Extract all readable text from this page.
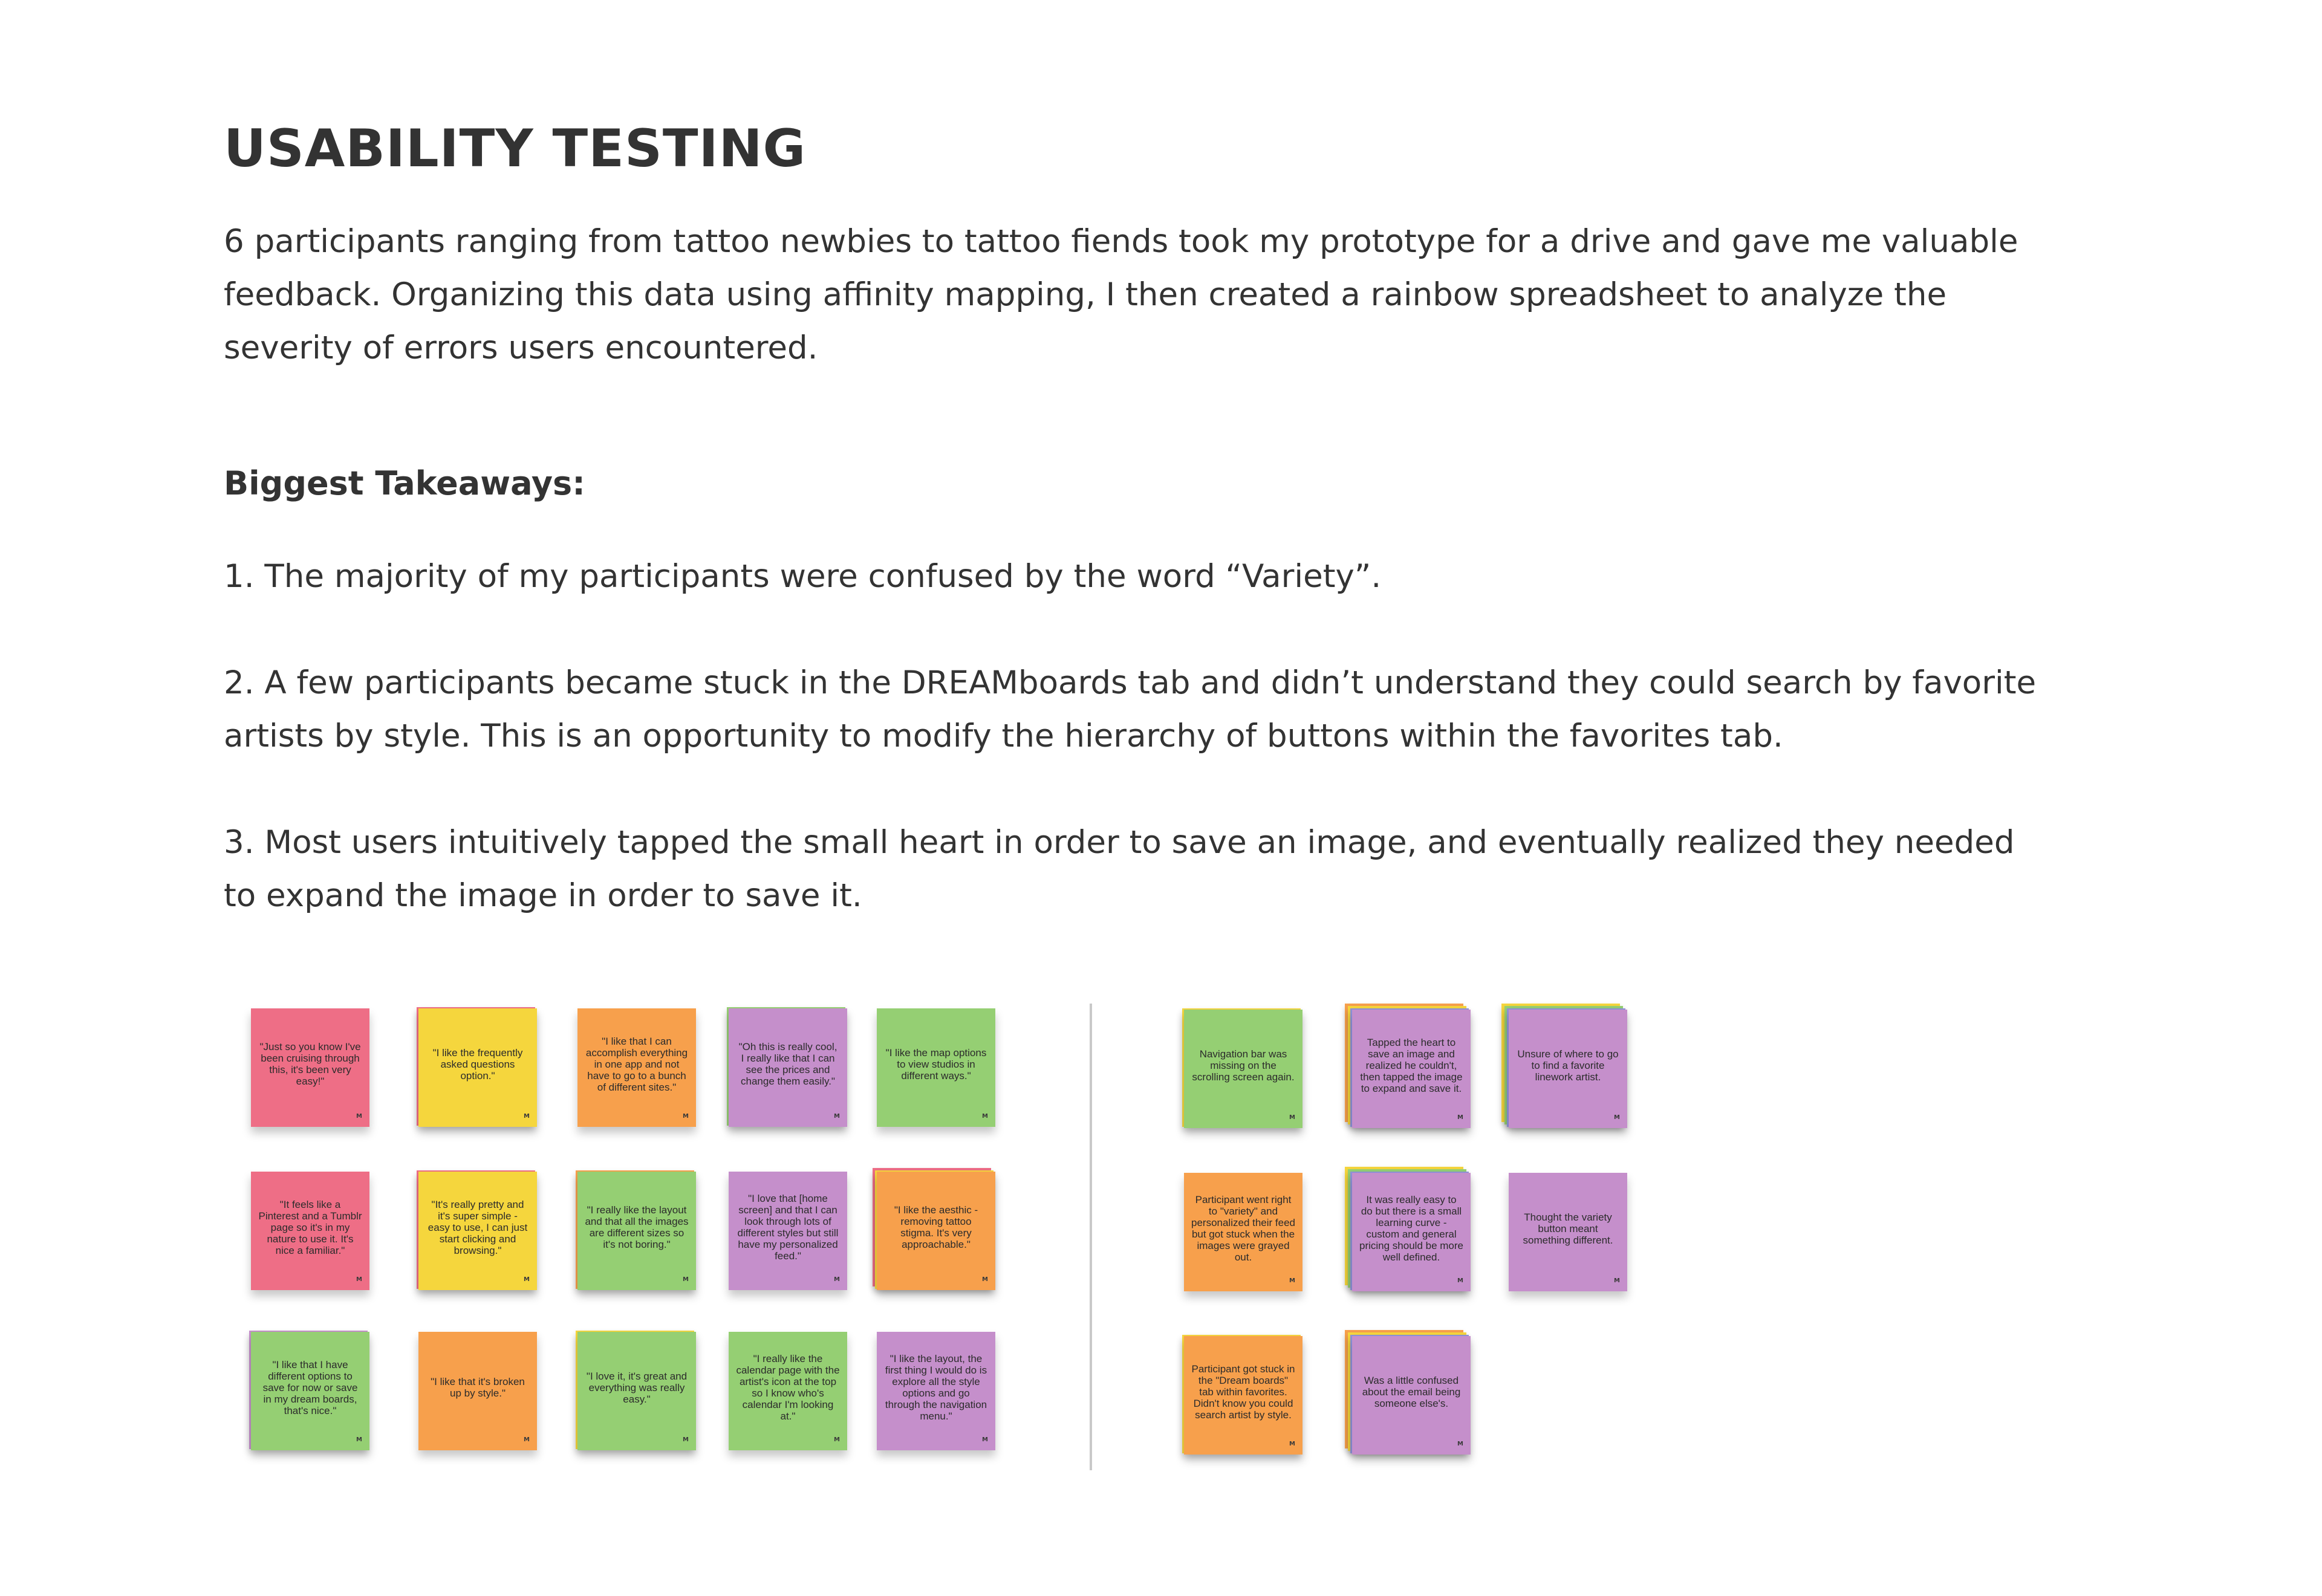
USABILITY TESTING

6 participants ranging from tattoo newbies to tattoo fiends took my prototype for a drive and gave me valuable feedback. Organizing this data using affinity mapping, I then created a rainbow spreadsheet to analyze the severity of errors users encountered.

Biggest Takeaways:

1. The majority of my participants were confused by the word “Variety”.

2. A few participants became stuck in the DREAMboards tab and didn’t understand they could search by favorite artists by style. This is an opportunity to modify the hierarchy of buttons within the favorites tab.

3. Most users intuitively tapped the small heart in order to save an image, and eventually realized they needed to expand the image in order to save it.

"Just so you know I've been cruising through this, it's been very easy!"
M
"I like the frequently asked questions option."
M
"I like that I can accomplish everything in one app and not have to go to a bunch of different sites."
M
"Oh this is really cool, I really like that I can see the prices and change them easily."
M
"I like the map options to view studios in different ways."
M
"It feels like a Pinterest and a Tumblr page so it's in my nature to use it. It's nice a familiar."
M
"It's really pretty and it's super simple - easy to use, I can just start clicking and browsing."
M
"I really like the layout and that all the images are different sizes so it's not boring."
M
"I love that [home screen] and that I can look through lots of different styles but still have my personalized feed."
M
"I like the aesthic - removing tattoo stigma. It's very approachable."
M
"I like that I have different options to save for now or save in my dream boards, that's nice."
M
"I like that it's broken up by style."
M
"I love it, it's great and everything was really easy."
M
"I really like the calendar page with the artist's icon at the top so I know who's calendar I'm looking at."
M
"I like the layout, the first thing I would do is explore all the style options and go through the navigation menu."
M
Navigation bar was missing on the scrolling screen again.
M
Tapped the heart to save an image and realized he couldn't, then tapped the image to expand and save it.
M
Unsure of where to go to find a favorite linework artist.
M
Participant went right to "variety" and personalized their feed but got stuck when the images were grayed out.
M
It was really easy to do but there is a small learning curve - custom and general pricing should be more well defined.
M
Thought the variety button meant something different.
M
Participant got stuck in the "Dream boards" tab within favorites. Didn't know you could search artist by style.
M
Was a little confused about the email being someone else's.
M
